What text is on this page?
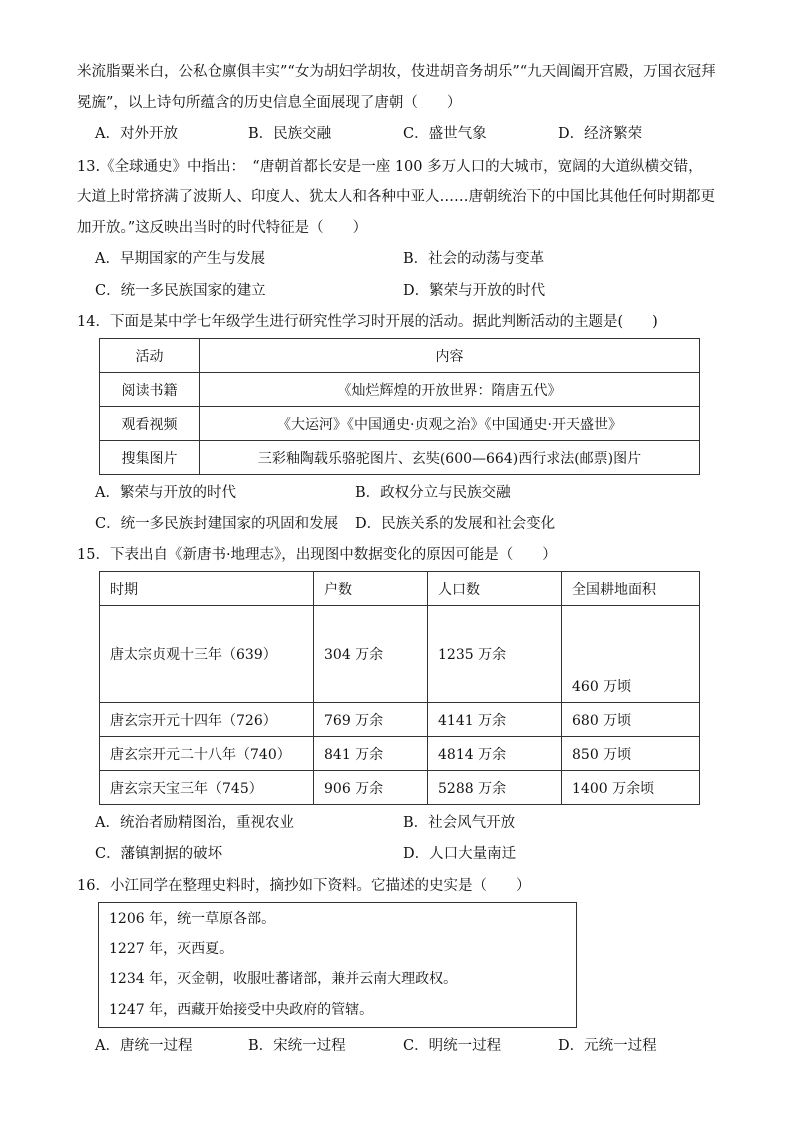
米流脂粟米白，公私仓廪俱丰实”“女为胡妇学胡妆，伎进胡音务胡乐”“九天阊阖开宫殿，万国衣冠拜
冕旒”，以上诗句所蕴含的历史信息全面展现了唐朝（　　）
A．对外开放	B．民族交融	C．盛世气象	D．经济繁荣
13.《全球通史》中指出：　“唐朝首都长安是一座 100 多万人口的大城市，宽阔的大道纵横交错，
大道上时常挤满了波斯人、印度人、犹太人和各种中亚人……唐朝统治下的中国比其他任何时期都更
加开放。”这反映出当时的时代特征是（　　）
A．早期国家的产生与发展	B．社会的动荡与变革
C．统一多民族国家的建立	D．繁荣与开放的时代
14．下面是某中学七年级学生进行研究性学习时开展的活动。据此判断活动的主题是(　　)
活动	内容
阅读书籍	《灿烂辉煌的开放世界：隋唐五代》
观看视频	《大运河》《中国通史·贞观之治》《中国通史·开天盛世》
搜集图片	三彩釉陶载乐骆驼图片、玄奘(600—664)西行求法(邮票)图片
A．繁荣与开放的时代	B．政权分立与民族交融
C．统一多民族封建国家的巩固和发展 D．民族关系的发展和社会变化
15．下表出自《新唐书·地理志》，出现图中数据变化的原因可能是（　　）
时期	户数	人口数	全国耕地面积
唐太宗贞观十三年（639）	304 万余	1235 万余	460 万顷
唐玄宗开元十四年（726）	769 万余	4141 万余	680 万顷
唐玄宗开元二十八年（740）	841 万余	4814 万余	850 万顷
唐玄宗天宝三年（745）	906 万余	5288 万余	1400 万余顷
A．统治者励精图治，重视农业	B．社会风气开放
C．藩镇割据的破坏	D．人口大量南迁
16．小江同学在整理史料时，摘抄如下资料。它描述的史实是（　　）
1206 年，统一草原各部。
1227 年，灭西夏。
1234 年，灭金朝，收服吐蕃诸部，兼并云南大理政权。
1247 年，西藏开始接受中央政府的管辖。
A．唐统一过程	B．宋统一过程	C．明统一过程	D．元统一过程
